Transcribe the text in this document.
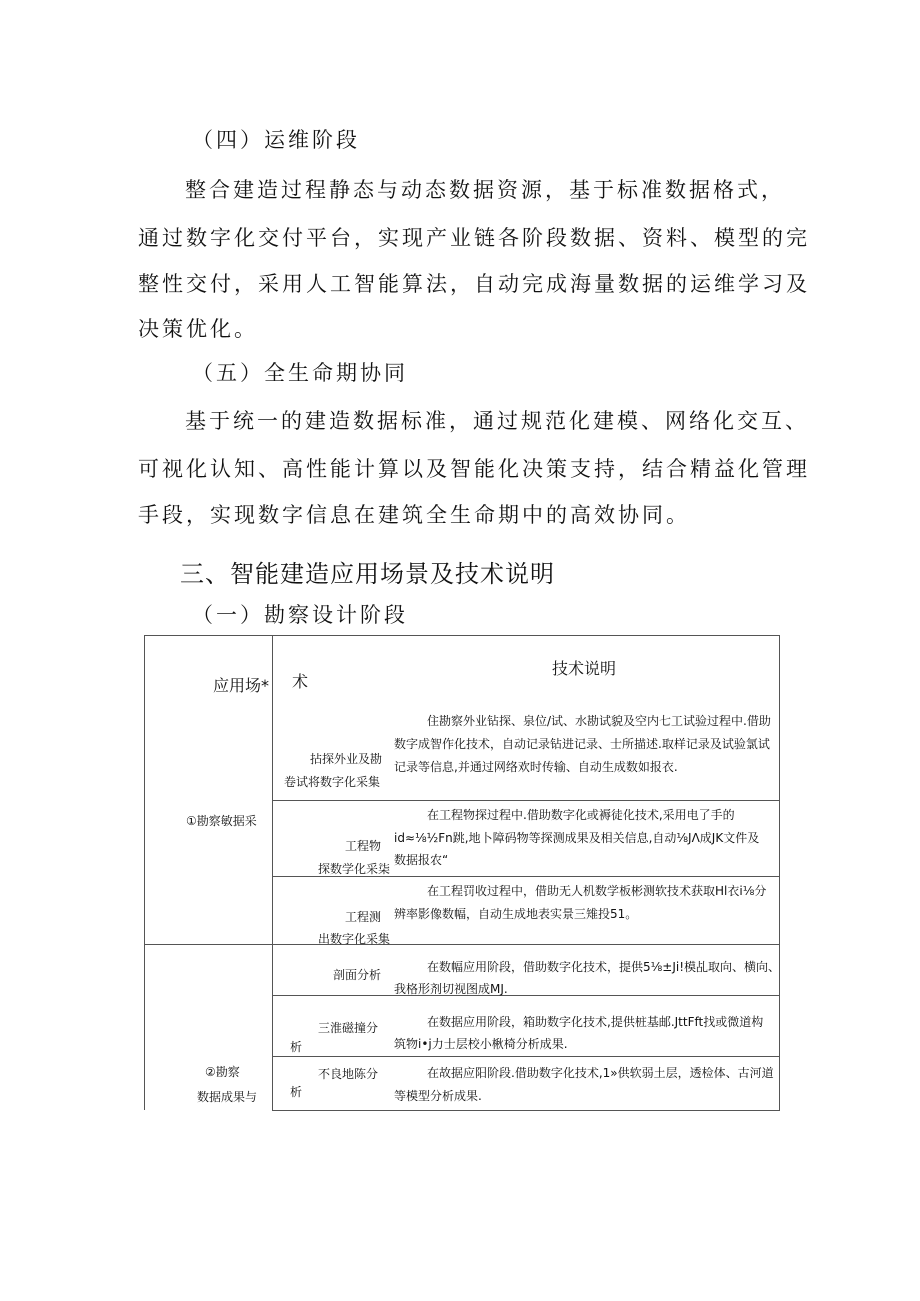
（四）运维阶段
整合建造过程静态与动态数据资源，基于标准数据格式，
通过数字化交付平台，实现产业链各阶段数据、资料、模型的完
整性交付，采用人工智能算法，自动完成海量数据的运维学习及
决策优化。
（五）全生命期协同
基于统一的建造数据标准，通过规范化建模、网络化交互、
可视化认知、高性能计算以及智能化决策支持，结合精益化管理
手段，实现数字信息在建筑全生命期中的高效协同。
三、智能建造应用场景及技术说明
（一）勘察设计阶段
应用场* 术
技术说明
①勘察敏据采
②勘察
数据成果与
拈探外业及勘
卷试将数字化采集
住勘察外业钻探、泉位/试、水勘试貌及空内七工试验过程中.借助
数字成智作化技术，自动记录钻进记录、士所描述.取样记录及试验氯试
记录等信息,并通过网络欢时传输、自动生成数如报衣.
工程物
探数学化采柒
在工程物探过程中.借助数字化或褥徒化技术,采用电了手的
id≈⅛½Fn跳,地卜障码物等探测成果及相关信息,自动⅛JΛ成JK文件及
数据报农“
工程测
出数字化采集
在工程罚收过程中，借助无人机数学板彬测软技术获取Hl衣i⅛分
辨率影像数幅，自动生成地表实景三雉投51。
剖面分析
在数幅应用阶段，借助数字化技术，提供5⅛±Ji!模乩取向、横向、
我格形剂切视图成MJ.
三淮磁撞分
析
在数据应用阶段，箱助数字化技术,提供桩基邮.JttFft找或微道构
筑物i•j力士层校小楸椅分析成果.
不良地陈分
析
在故据应阳阶段.借助数字化技术,1»供软弱土层，透检体、古河道
等模型分析成果.
